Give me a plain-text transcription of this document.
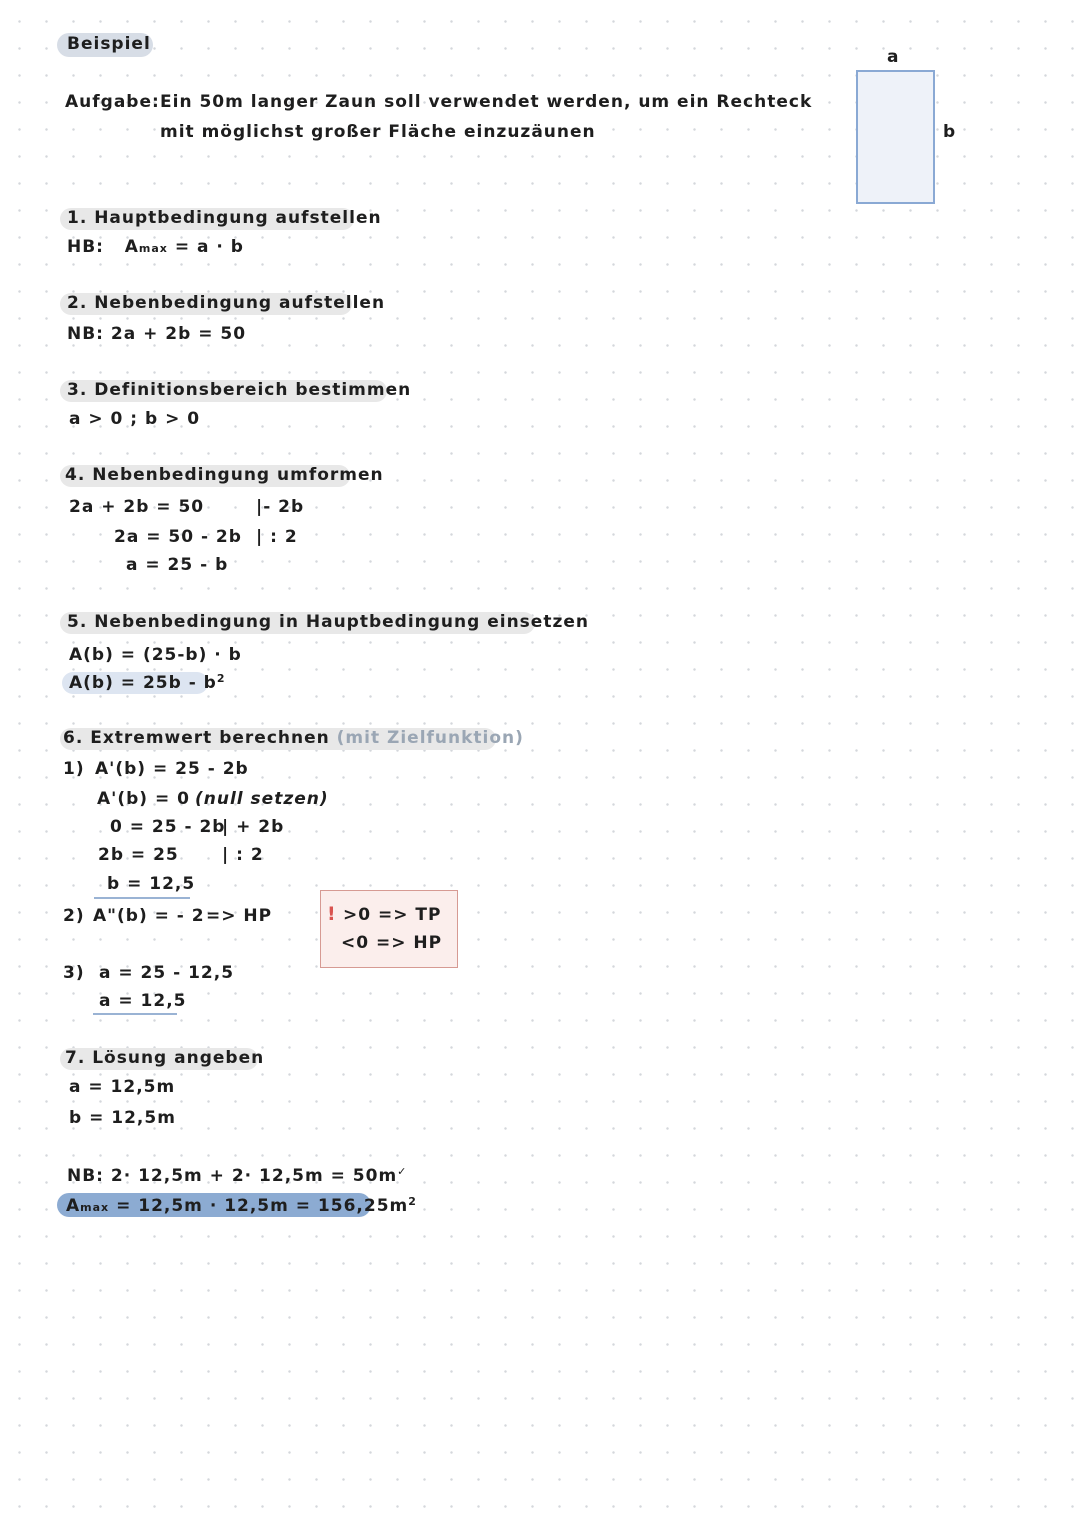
Beispiel
Aufgabe: Ein 50m langer Zaun soll verwendet werden, um ein Rechteck
mit möglichst großer Fläche einzuzäunen
a
b
1. Hauptbedingung aufstellen
HB: Amax = a · b
2. Nebenbedingung aufstellen
NB: 2a + 2b = 50
3. Definitionsbereich bestimmen
a > 0 ; b > 0
4. Nebenbedingung umformen
2a + 2b = 50	|- 2b
2a = 50 - 2b | : 2
a = 25 - b
5. Nebenbedingung in Hauptbedingung einsetzen
A(b) = (25-b) · b
$A(b) = 25b - b^2$
6. Extremwert berechnen (mit Zielfunktion)
1) A'(b) = 25 - 2b
A'(b) = 0 (null setzen)
0 = 25 - 2b
| + 2b
2b = 25	| : 2
b = 12,5
2) A"(b) = - 2 => HP	! >0 => TP
<0 => HP
3) a = 25 - 12,5
a = 12,5
7. Lösung angeben
a = 12,5m
b = 12,5m
NB: 2· 12,5m + 2· 12,5m = 50m✓
$Amax = 12,5m \cdot 12,5m = 156,25m^2$
